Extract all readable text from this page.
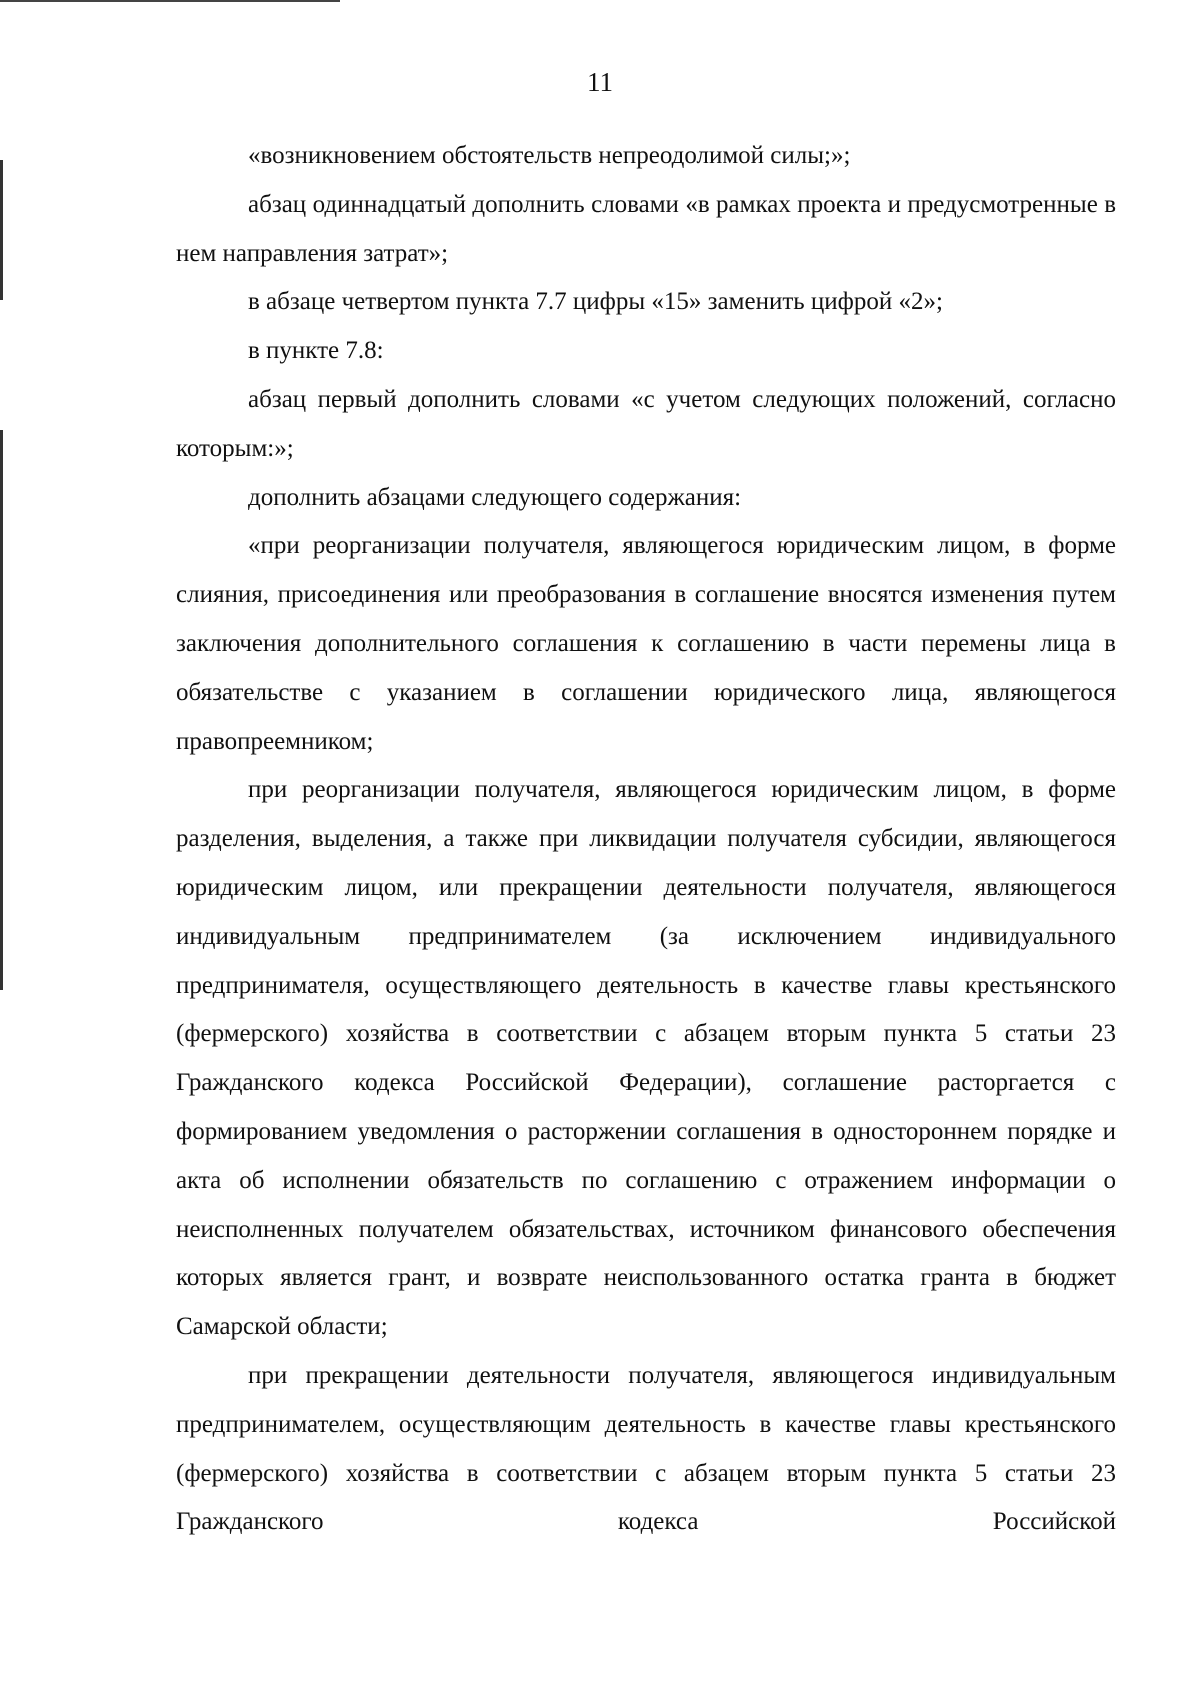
11

«возникновением обстоятельств непреодолимой силы;»;

абзац одиннадцатый дополнить словами «в рамках проекта и предусмотренные в нем направления затрат»;

в абзаце четвертом пункта 7.7 цифры «15» заменить цифрой «2»;

в пункте 7.8:

абзац первый дополнить словами «с учетом следующих положений, согласно которым:»;

дополнить абзацами следующего содержания:

«при реорганизации получателя, являющегося юридическим лицом, в форме слияния, присоединения или преобразования в соглашение вносятся изменения путем заключения дополнительного соглашения к соглашению в части перемены лица в обязательстве с указанием в соглашении юридического лица, являющегося правопреемником;

при реорганизации получателя, являющегося юридическим лицом, в форме разделения, выделения, а также при ликвидации получателя субсидии, являющегося юридическим лицом, или прекращении деятельности получателя, являющегося индивидуальным предпринимателем (за исключением индивидуального предпринимателя, осуществляющего деятельность в качестве главы крестьянского (фермерского) хозяйства в соответствии с абзацем вторым пункта 5 статьи 23 Гражданского кодекса Российской Федерации), соглашение расторгается с формированием уведомления о расторжении соглашения в одностороннем порядке и акта об исполнении обязательств по соглашению с отражением информации о неисполненных получателем обязательствах, источником финансового обеспечения которых является грант, и возврате неиспользованного остатка гранта в бюджет Самарской области;

при прекращении деятельности получателя, являющегося индивидуальным предпринимателем, осуществляющим деятельность в качестве главы крестьянского (фермерского) хозяйства в соответствии с абзацем вторым пункта 5 статьи 23 Гражданского кодекса Российской
